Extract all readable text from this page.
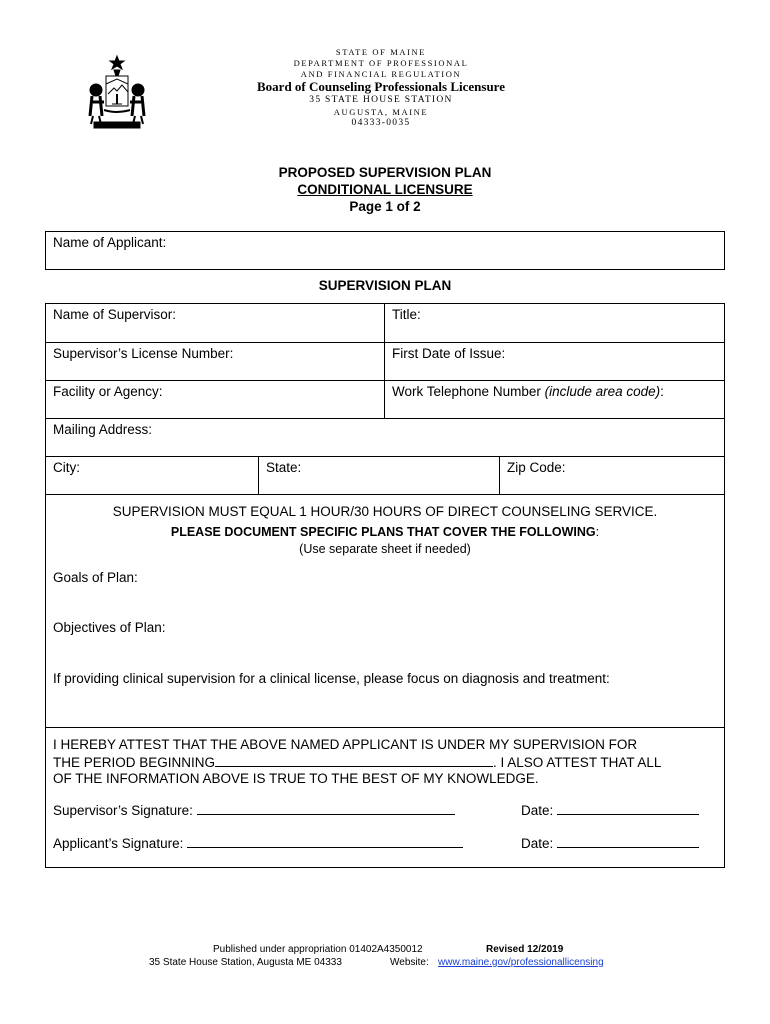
STATE OF MAINE
DEPARTMENT OF PROFESSIONAL
AND FINANCIAL REGULATION
Board of Counseling Professionals Licensure
35 STATE HOUSE STATION
AUGUSTA, MAINE
04333-0035
PROPOSED SUPERVISION PLAN
CONDITIONAL LICENSURE
Page 1 of 2
Name of Applicant:
SUPERVISION PLAN
Name of Supervisor:	Title:
Supervisor’s License Number:	First Date of Issue:
Facility or Agency:	Work Telephone Number (include area code):
Mailing Address:
City:	State:	Zip Code:
SUPERVISION MUST EQUAL 1 HOUR/30 HOURS OF DIRECT COUNSELING SERVICE.
PLEASE DOCUMENT SPECIFIC PLANS THAT COVER THE FOLLOWING:
(Use separate sheet if needed)
Goals of Plan:
Objectives of Plan:
If providing clinical supervision for a clinical license, please focus on diagnosis and treatment:
I HEREBY ATTEST THAT THE ABOVE NAMED APPLICANT IS UNDER MY SUPERVISION FOR
THE PERIOD BEGINNING	. I ALSO ATTEST THAT ALL
OF THE INFORMATION ABOVE IS TRUE TO THE BEST OF MY KNOWLEDGE.
Supervisor’s Signature:	Date:
Applicant’s Signature:	Date:
Published under appropriation 01402A4350012	Revised 12/2019
35 State House Station, Augusta ME 04333	Website: www.maine.gov/professionallicensing
